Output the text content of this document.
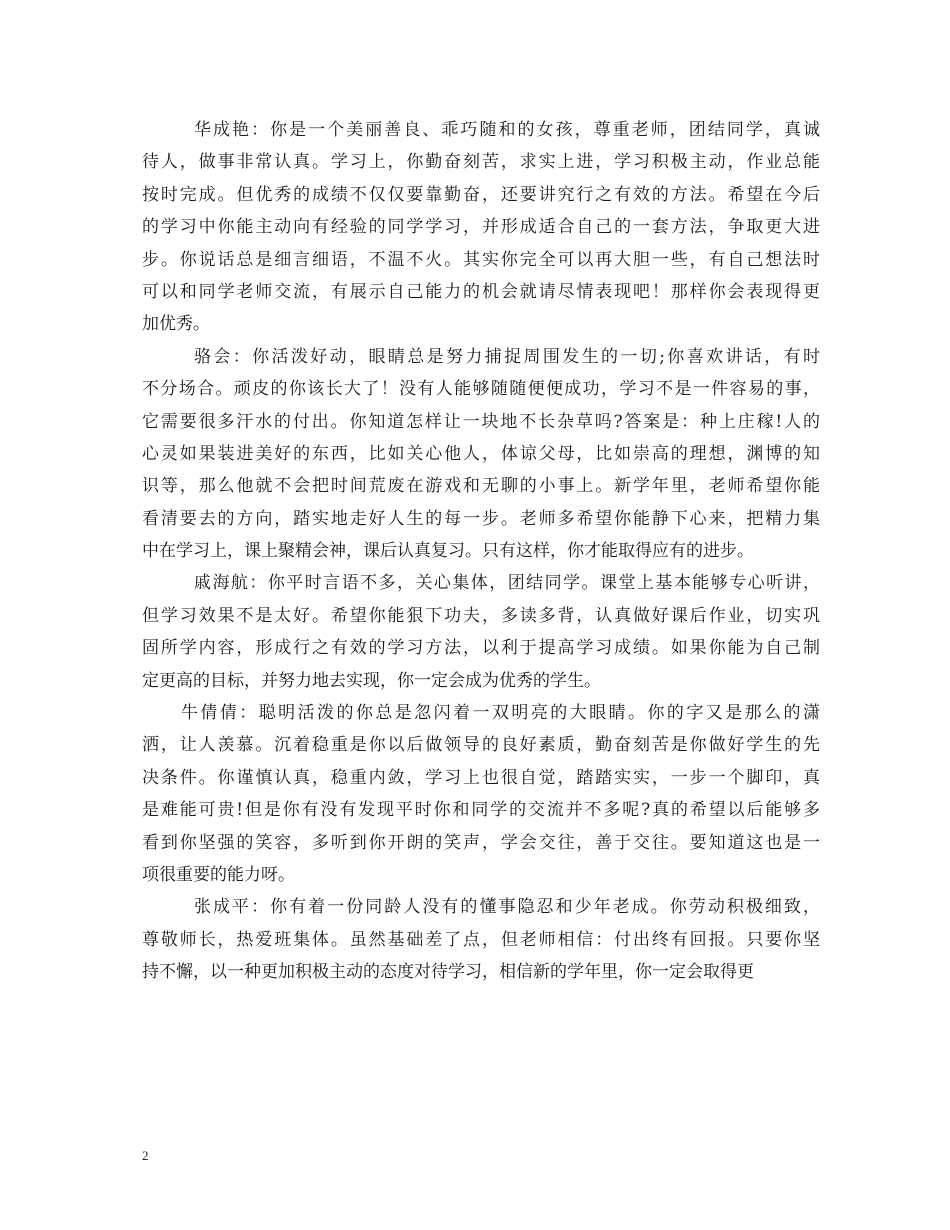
华成艳：你是一个美丽善良、乖巧随和的女孩，尊重老师，团结同学，真诚
待人，做事非常认真。学习上，你勤奋刻苦，求实上进，学习积极主动，作业总能
按时完成。但优秀的成绩不仅仅要靠勤奋，还要讲究行之有效的方法。希望在今后
的学习中你能主动向有经验的同学学习，并形成适合自己的一套方法，争取更大进
步。你说话总是细言细语，不温不火。其实你完全可以再大胆一些，有自己想法时
可以和同学老师交流，有展示自己能力的机会就请尽情表现吧！那样你会表现得更
加优秀。
骆会：你活泼好动，眼睛总是努力捕捉周围发生的一切;你喜欢讲话，有时
不分场合。顽皮的你该长大了！没有人能够随随便便成功，学习不是一件容易的事，
它需要很多汗水的付出。你知道怎样让一块地不长杂草吗?答案是：种上庄稼!人的
心灵如果装进美好的东西，比如关心他人，体谅父母，比如崇高的理想，渊博的知
识等，那么他就不会把时间荒废在游戏和无聊的小事上。新学年里，老师希望你能
看清要去的方向，踏实地走好人生的每一步。老师多希望你能静下心来，把精力集
中在学习上，课上聚精会神，课后认真复习。只有这样，你才能取得应有的进步。
戚海航：你平时言语不多，关心集体，团结同学。课堂上基本能够专心听讲，
但学习效果不是太好。希望你能狠下功夫，多读多背，认真做好课后作业，切实巩
固所学内容，形成行之有效的学习方法，以利于提高学习成绩。如果你能为自己制
定更高的目标，并努力地去实现，你一定会成为优秀的学生。
牛倩倩：聪明活泼的你总是忽闪着一双明亮的大眼睛。你的字又是那么的潇
洒，让人羡慕。沉着稳重是你以后做领导的良好素质，勤奋刻苦是你做好学生的先
决条件。你谨慎认真，稳重内敛，学习上也很自觉，踏踏实实，一步一个脚印，真
是难能可贵!但是你有没有发现平时你和同学的交流并不多呢?真的希望以后能够多
看到你坚强的笑容，多听到你开朗的笑声，学会交往，善于交往。要知道这也是一
项很重要的能力呀。
张成平：你有着一份同龄人没有的懂事隐忍和少年老成。你劳动积极细致，
尊敬师长，热爱班集体。虽然基础差了点，但老师相信：付出终有回报。只要你坚
持不懈，以一种更加积极主动的态度对待学习，相信新的学年里，你一定会取得更
2
